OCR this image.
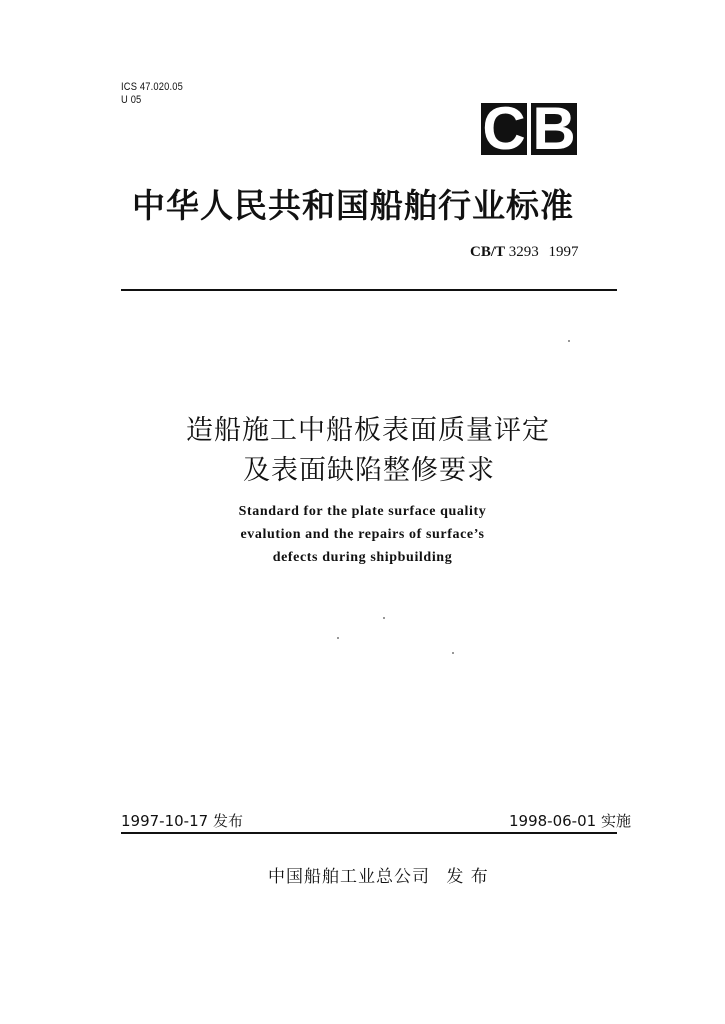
ICS 47.020.05
U 05	C B
中华人民共和国船舶行业标准
CB/T 3293 1997
造船施工中船板表面质量评定
及表面缺陷整修要求
Standard for the plate surface quality
evalution and the repairs of surface’s
defects during shipbuilding
1997-10-17 发布	1998-06-01 实施
中国船舶工业总公司 发 布
